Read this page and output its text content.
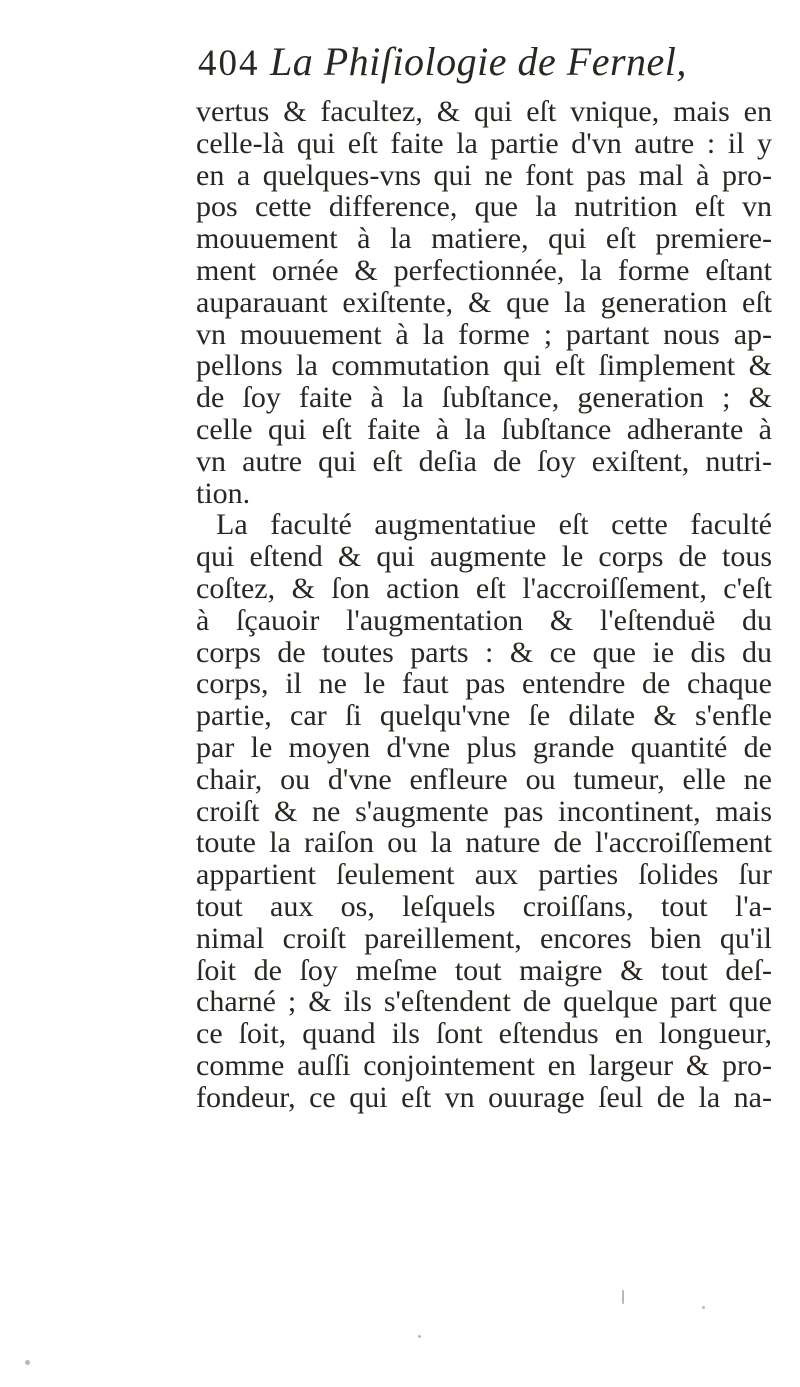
404 La Phiſiologie de Fernel,
vertus & facultez, & qui eſt vnique, mais en
celle-là qui eſt faite la partie d'vn autre : il y
en a quelques-vns qui ne font pas mal à pro-
pos cette difference, que la nutrition eſt vn
mouuement à la matiere, qui eſt premiere-
ment ornée & perfectionnée, la forme eſtant
auparauant exiſtente, & que la generation eſt
vn mouuement à la forme ; partant nous ap-
pellons la commutation qui eſt ſimplement &
de ſoy faite à la ſubſtance, generation ; &
celle qui eſt faite à la ſubſtance adherante à
vn autre qui eſt deſia de ſoy exiſtent, nutri-
tion.
La faculté augmentatiue eſt cette faculté
qui eſtend & qui augmente le corps de tous
coſtez, & ſon action eſt l'accroiſſement, c'eſt
à ſçauoir l'augmentation & l'eſtenduë du
corps de toutes parts : & ce que ie dis du
corps, il ne le faut pas entendre de chaque
partie, car ſi quelqu'vne ſe dilate & s'enfle
par le moyen d'vne plus grande quantité de
chair, ou d'vne enfleure ou tumeur, elle ne
croiſt & ne s'augmente pas incontinent, mais
toute la raiſon ou la nature de l'accroiſſement
appartient ſeulement aux parties ſolides ſur
tout aux os, leſquels croiſſans, tout l'a-
nimal croiſt pareillement, encores bien qu'il
ſoit de ſoy meſme tout maigre & tout deſ-
charné ; & ils s'eſtendent de quelque part que
ce ſoit, quand ils ſont eſtendus en longueur,
comme auſſi conjointement en largeur & pro-
fondeur, ce qui eſt vn ouurage ſeul de la na-
